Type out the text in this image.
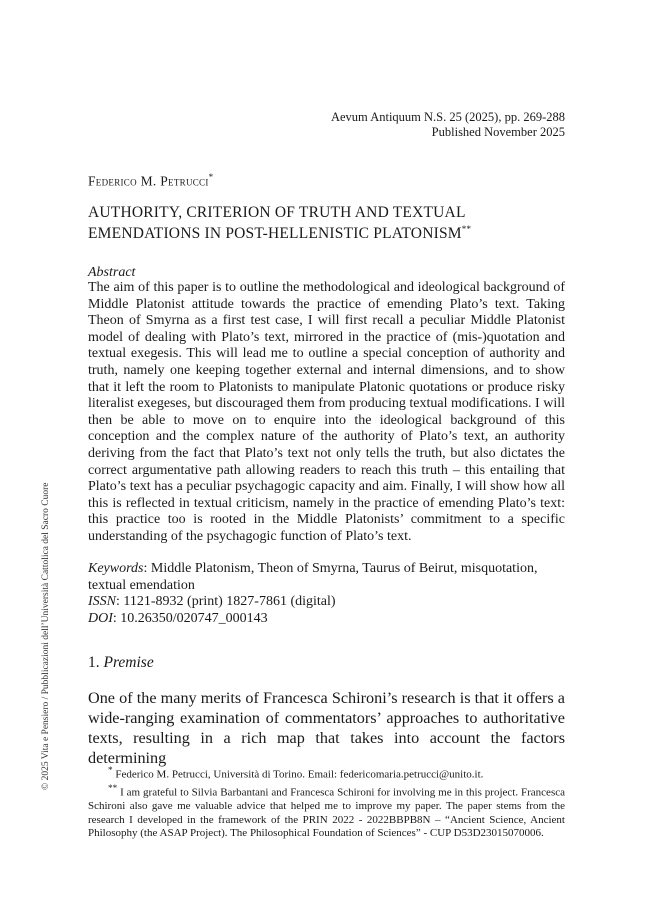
Aevum Antiquum N.S. 25 (2025), pp. 269-288
Published November 2025
Federico M. Petrucci*
AUTHORITY, CRITERION OF TRUTH AND TEXTUAL EMENDATIONS IN POST-HELLENISTIC PLATONISM**
Abstract
The aim of this paper is to outline the methodological and ideological background of Middle Platonist attitude towards the practice of emending Plato’s text. Taking Theon of Smyrna as a first test case, I will first recall a peculiar Middle Platonist model of dealing with Plato’s text, mirrored in the practice of (mis-)quotation and textual exegesis. This will lead me to outline a special conception of authority and truth, namely one keeping together external and internal dimensions, and to show that it left the room to Platonists to manipulate Platonic quotations or produce risky literalist exegeses, but discouraged them from producing textual modifications. I will then be able to move on to enquire into the ideological background of this conception and the complex nature of the authority of Plato’s text, an authority deriving from the fact that Plato’s text not only tells the truth, but also dictates the correct argumentative path allowing readers to reach this truth – this entailing that Plato’s text has a peculiar psychagogic capacity and aim. Finally, I will show how all this is reflected in textual criticism, namely in the practice of emending Plato’s text: this practice too is rooted in the Middle Platonists’ commitment to a specific understanding of the psychagogic function of Plato’s text.
Keywords: Middle Platonism, Theon of Smyrna, Taurus of Beirut, misquotation, textual emendation
ISSN: 1121-8932 (print) 1827-7861 (digital)
DOI: 10.26350/020747_000143
1. Premise
One of the many merits of Francesca Schironi’s research is that it offers a wide-ranging examination of commentators’ approaches to authoritative texts, resulting in a rich map that takes into account the factors determining
* Federico M. Petrucci, Università di Torino. Email: federicomaria.petrucci@unito.it.
** I am grateful to Silvia Barbantani and Francesca Schironi for involving me in this project. Francesca Schironi also gave me valuable advice that helped me to improve my paper. The paper stems from the research I developed in the framework of the PRIN 2022 - 2022BBPB8N – “Ancient Science, Ancient Philosophy (the ASAP Project). The Philosophical Foundation of Sciences” - CUP D53D23015070006.
© 2025 Vita e Pensiero / Pubblicazioni dell’Università Cattolica del Sacro Cuore
